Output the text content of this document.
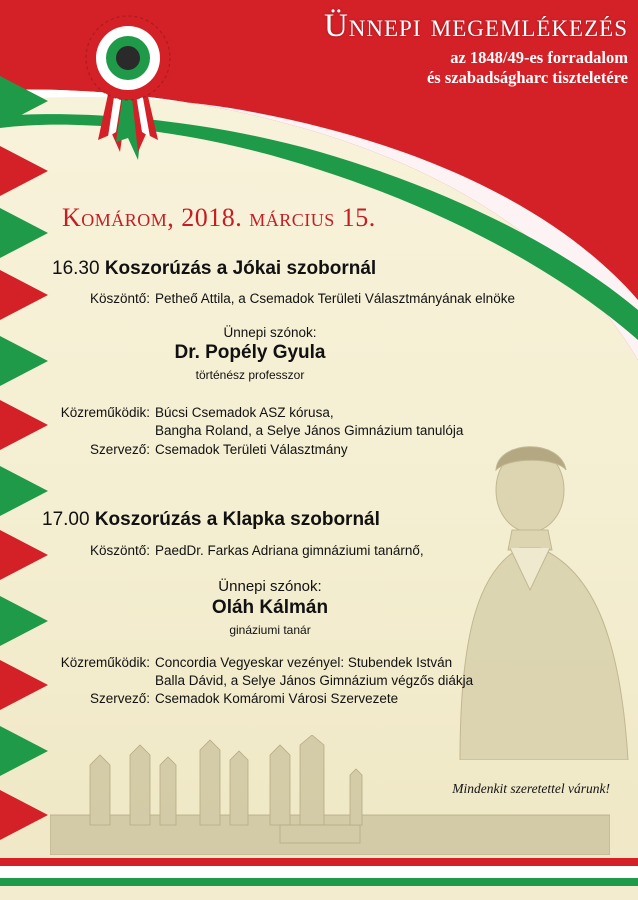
Ünnepi megemlékezés
az 1848/49-es forradalom
és szabadságharc tiszteletére
Komárom, 2018. március 15.
16.30 Koszorúzás a Jókai szobornál
Köszöntő: Petheő Attila, a Csemadok Területi Választmányának elnöke
Ünnepi szónok:
Dr. Popély Gyula
történész professzor
Közreműködik: Búcsi Csemadok ASZ kórusa,
Bangha Roland, a Selye János Gimnázium tanulója
Szervező: Csemadok Területi Választmány
17.00 Koszorúzás a Klapka szobornál
Köszöntő: PaedDr. Farkas Adriana gimnáziumi tanárnő,
Ünnepi szónok:
Oláh Kálmán
gináziumi tanár
Közreműködik: Concordia Vegyeskar vezényel: Stubendek István
Balla Dávid, a Selye János Gimnázium végzős diákja
Szervező: Csemadok Komáromi Városi Szervezete
Mindenkit szeretettel várunk!
